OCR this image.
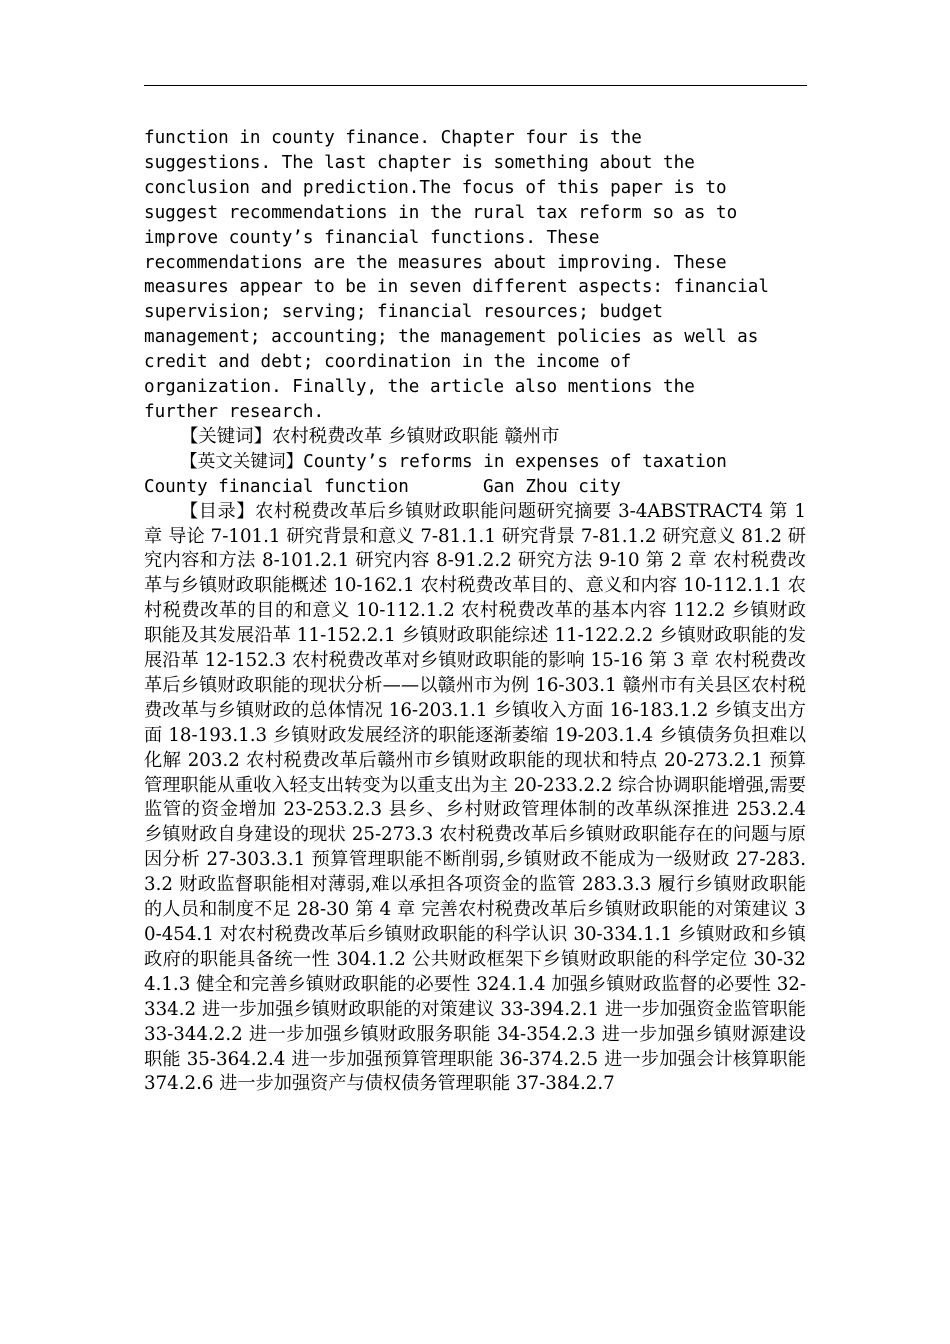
function in county finance. Chapter four is the
suggestions. The last chapter is something about the
conclusion and prediction.The focus of this paper is to
suggest recommendations in the rural tax reform so as to
improve county’s financial functions. These
recommendations are the measures about improving. These
measures appear to be in seven different aspects: financial
supervision; serving; financial resources; budget
management; accounting; the management policies as well as
credit and debt; coordination in the income of
organization. Finally, the article also mentions the
further research.

【关键词】农村税费改革 乡镇财政职能 赣州市

【英文关键词】County’s reforms in expenses of taxation
County financial function       Gan Zhou city

【目录】农村税费改革后乡镇财政职能问题研究摘要 3-4ABSTRACT4 第 1 章 导论 7-101.1 研究背景和意义 7-81.1.1 研究背景 7-81.1.2 研究意义 81.2 研究内容和方法 8-101.2.1 研究内容 8-91.2.2 研究方法 9-10 第 2 章 农村税费改革与乡镇财政职能概述 10-162.1 农村税费改革目的、意义和内容 10-112.1.1 农村税费改革的目的和意义 10-112.1.2 农村税费改革的基本内容 112.2 乡镇财政职能及其发展沿革 11-152.2.1 乡镇财政职能综述 11-122.2.2 乡镇财政职能的发展沿革 12-152.3 农村税费改革对乡镇财政职能的影响 15-16 第 3 章 农村税费改革后乡镇财政职能的现状分析——以赣州市为例 16-303.1 赣州市有关县区农村税费改革与乡镇财政的总体情况 16-203.1.1 乡镇收入方面 16-183.1.2 乡镇支出方面 18-193.1.3 乡镇财政发展经济的职能逐渐萎缩 19-203.1.4 乡镇债务负担难以化解 203.2 农村税费改革后赣州市乡镇财政职能的现状和特点 20-273.2.1 预算管理职能从重收入轻支出转变为以重支出为主 20-233.2.2 综合协调职能增强,需要监管的资金增加 23-253.2.3 县乡、乡村财政管理体制的改革纵深推进 253.2.4 乡镇财政自身建设的现状 25-273.3 农村税费改革后乡镇财政职能存在的问题与原因分析 27-303.3.1 预算管理职能不断削弱,乡镇财政不能成为一级财政 27-283.3.2 财政监督职能相对薄弱,难以承担各项资金的监管 283.3.3 履行乡镇财政职能的人员和制度不足 28-30 第 4 章 完善农村税费改革后乡镇财政职能的对策建议 30-454.1 对农村税费改革后乡镇财政职能的科学认识 30-334.1.1 乡镇财政和乡镇政府的职能具备统一性 304.1.2 公共财政框架下乡镇财政职能的科学定位 30-324.1.3 健全和完善乡镇财政职能的必要性 324.1.4 加强乡镇财政监督的必要性 32-334.2 进一步加强乡镇财政职能的对策建议 33-394.2.1 进一步加强资金监管职能 33-344.2.2 进一步加强乡镇财政服务职能 34-354.2.3 进一步加强乡镇财源建设职能 35-364.2.4 进一步加强预算管理职能 36-374.2.5 进一步加强会计核算职能 374.2.6 进一步加强资产与债权债务管理职能 37-384.2.7
